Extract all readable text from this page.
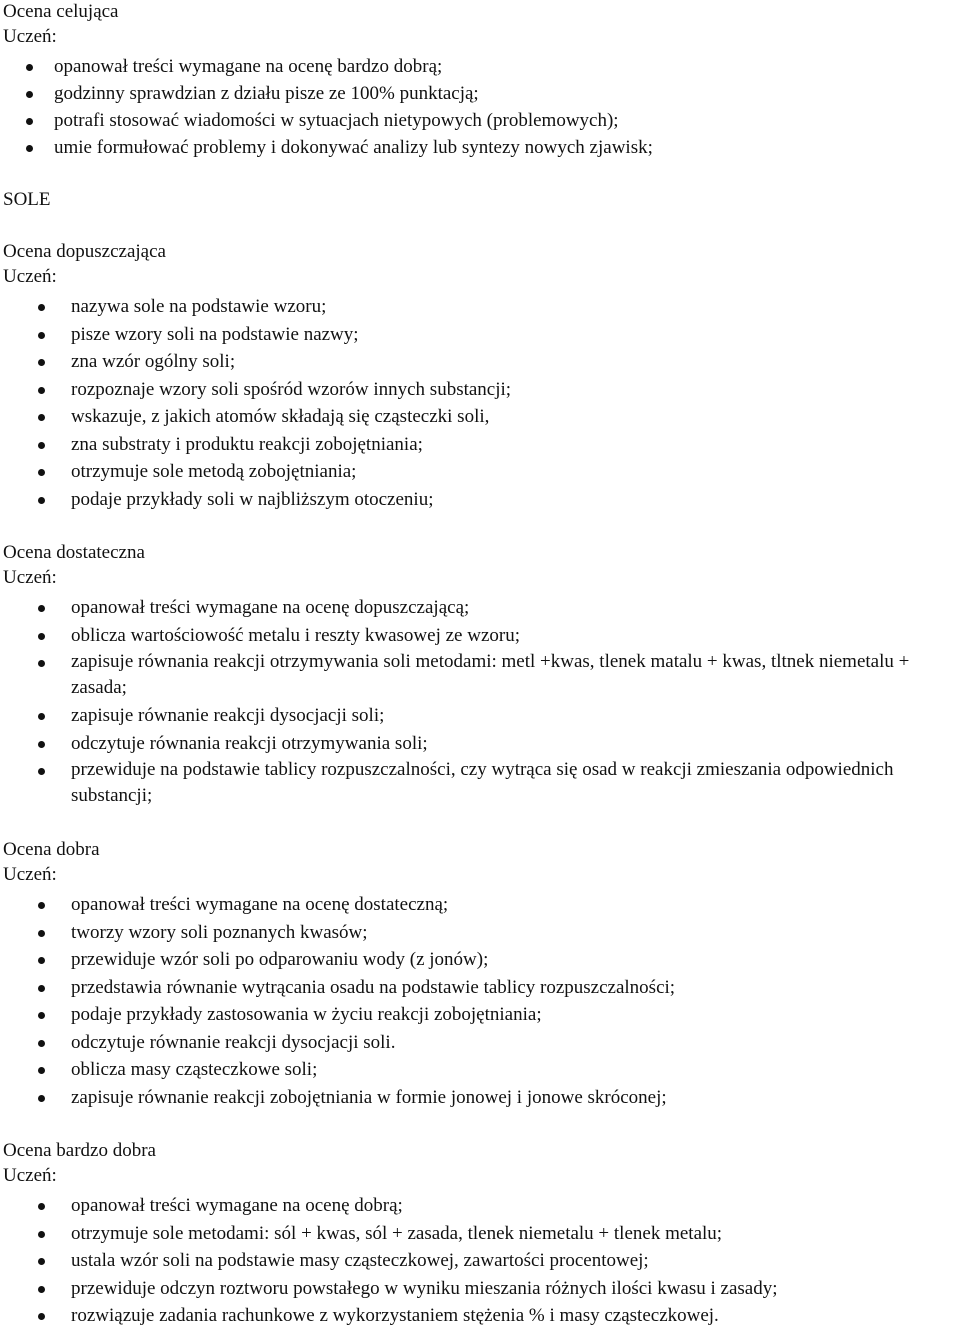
Ocena celująca
Uczeń:
opanował treści wymagane na ocenę bardzo dobrą;
godzinny sprawdzian z działu pisze ze 100% punktacją;
potrafi stosować wiadomości w sytuacjach nietypowych (problemowych);
umie formułować problemy i dokonywać analizy lub syntezy nowych zjawisk;
SOLE
Ocena dopuszczająca
Uczeń:
nazywa sole na podstawie wzoru;
pisze wzory soli na podstawie nazwy;
zna wzór ogólny soli;
rozpoznaje wzory soli spośród wzorów innych substancji;
wskazuje, z jakich atomów składają się cząsteczki soli,
zna substraty i produktu reakcji zobojętniania;
otrzymuje sole metodą zobojętniania;
podaje przykłady soli w najbliższym otoczeniu;
Ocena dostateczna
Uczeń:
opanował treści wymagane na ocenę dopuszczającą;
oblicza wartościowość metalu i reszty kwasowej ze wzoru;
zapisuje równania reakcji otrzymywania soli metodami: metl +kwas, tlenek matalu + kwas, tltnek niemetalu + zasada;
zapisuje równanie reakcji dysocjacji soli;
odczytuje równania reakcji otrzymywania soli;
przewiduje na podstawie tablicy rozpuszczalności, czy wytrąca się osad w reakcji zmieszania odpowiednich substancji;
Ocena dobra
Uczeń:
opanował treści wymagane na ocenę dostateczną;
tworzy wzory soli poznanych kwasów;
przewiduje wzór soli po odparowaniu wody (z jonów);
przedstawia równanie wytrącania osadu na podstawie tablicy rozpuszczalności;
podaje przykłady zastosowania w życiu reakcji zobojętniania;
odczytuje równanie reakcji dysocjacji soli.
oblicza masy cząsteczkowe soli;
zapisuje równanie reakcji zobojętniania w formie jonowej i jonowe skróconej;
Ocena bardzo dobra
Uczeń:
opanował treści wymagane na ocenę dobrą;
otrzymuje sole metodami: sól + kwas, sól + zasada, tlenek niemetalu + tlenek metalu;
ustala wzór soli na podstawie masy cząsteczkowej, zawartości procentowej;
przewiduje odczyn roztworu powstałego w wyniku mieszania różnych ilości kwasu i zasady;
rozwiązuje zadania rachunkowe z wykorzystaniem stężenia % i masy cząsteczkowej.
